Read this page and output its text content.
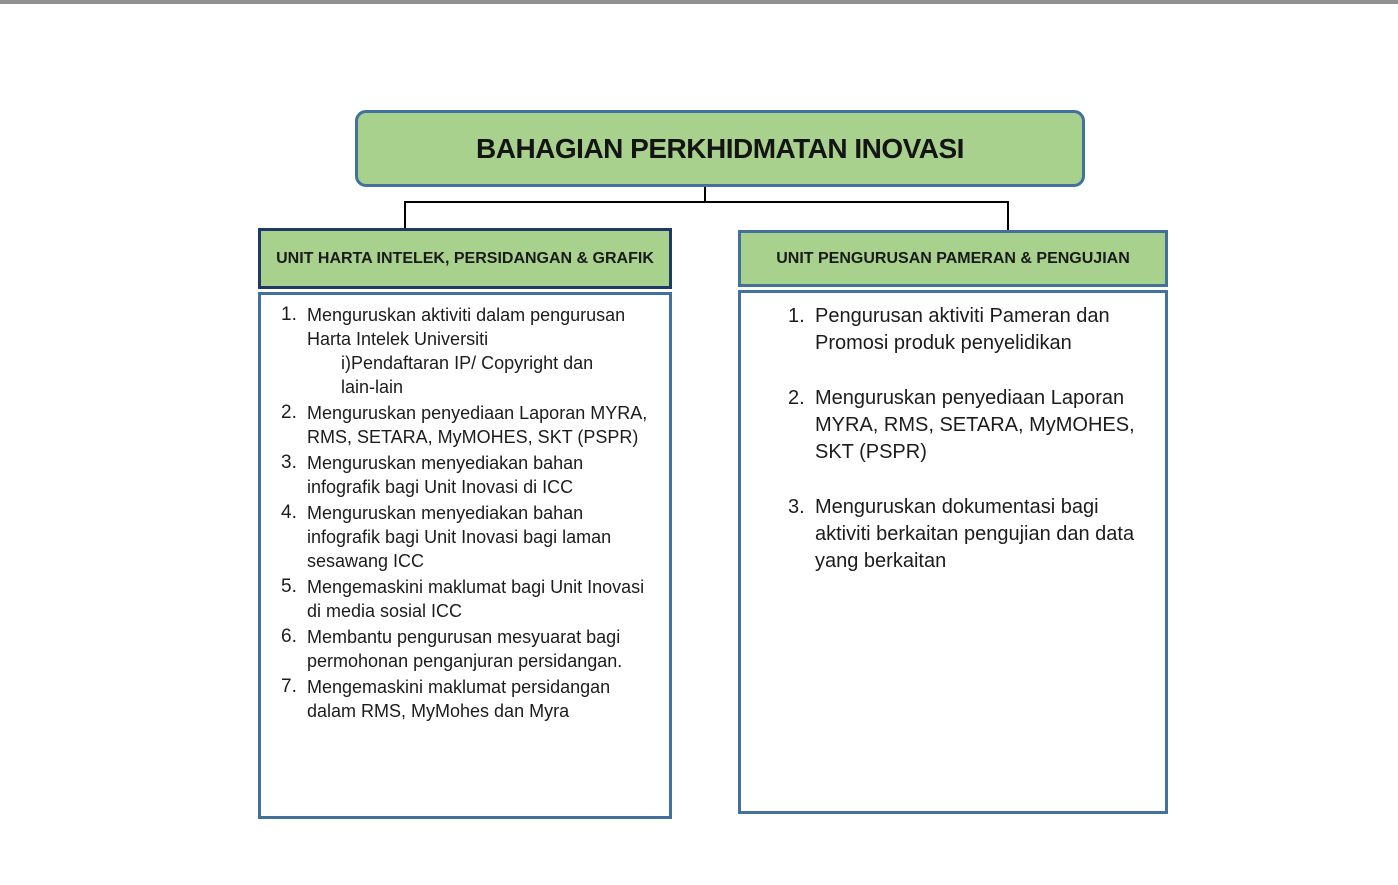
BAHAGIAN PERKHIDMATAN INOVASI
UNIT HARTA INTELEK, PERSIDANGAN & GRAFIK	UNIT PENGURUSAN PAMERAN & PENGUJIAN
Menguruskan aktiviti dalam pengurusan Harta Intelek Universiti
i)Pendaftaran IP/ Copyright dan lain-lain
Menguruskan penyediaan Laporan MYRA, RMS, SETARA, MyMOHES, SKT (PSPR)
Menguruskan menyediakan bahan infografik bagi Unit Inovasi di ICC
Menguruskan menyediakan bahan infografik bagi Unit Inovasi bagi laman sesawang ICC
Mengemaskini maklumat bagi Unit Inovasi di media sosial ICC
Membantu pengurusan mesyuarat bagi permohonan penganjuran persidangan.
Mengemaskini maklumat persidangan dalam RMS, MyMohes dan Myra
Pengurusan aktiviti Pameran dan Promosi produk penyelidikan
Menguruskan penyediaan Laporan MYRA, RMS, SETARA, MyMOHES, SKT (PSPR)
Menguruskan dokumentasi bagi aktiviti berkaitan pengujian dan data yang berkaitan
